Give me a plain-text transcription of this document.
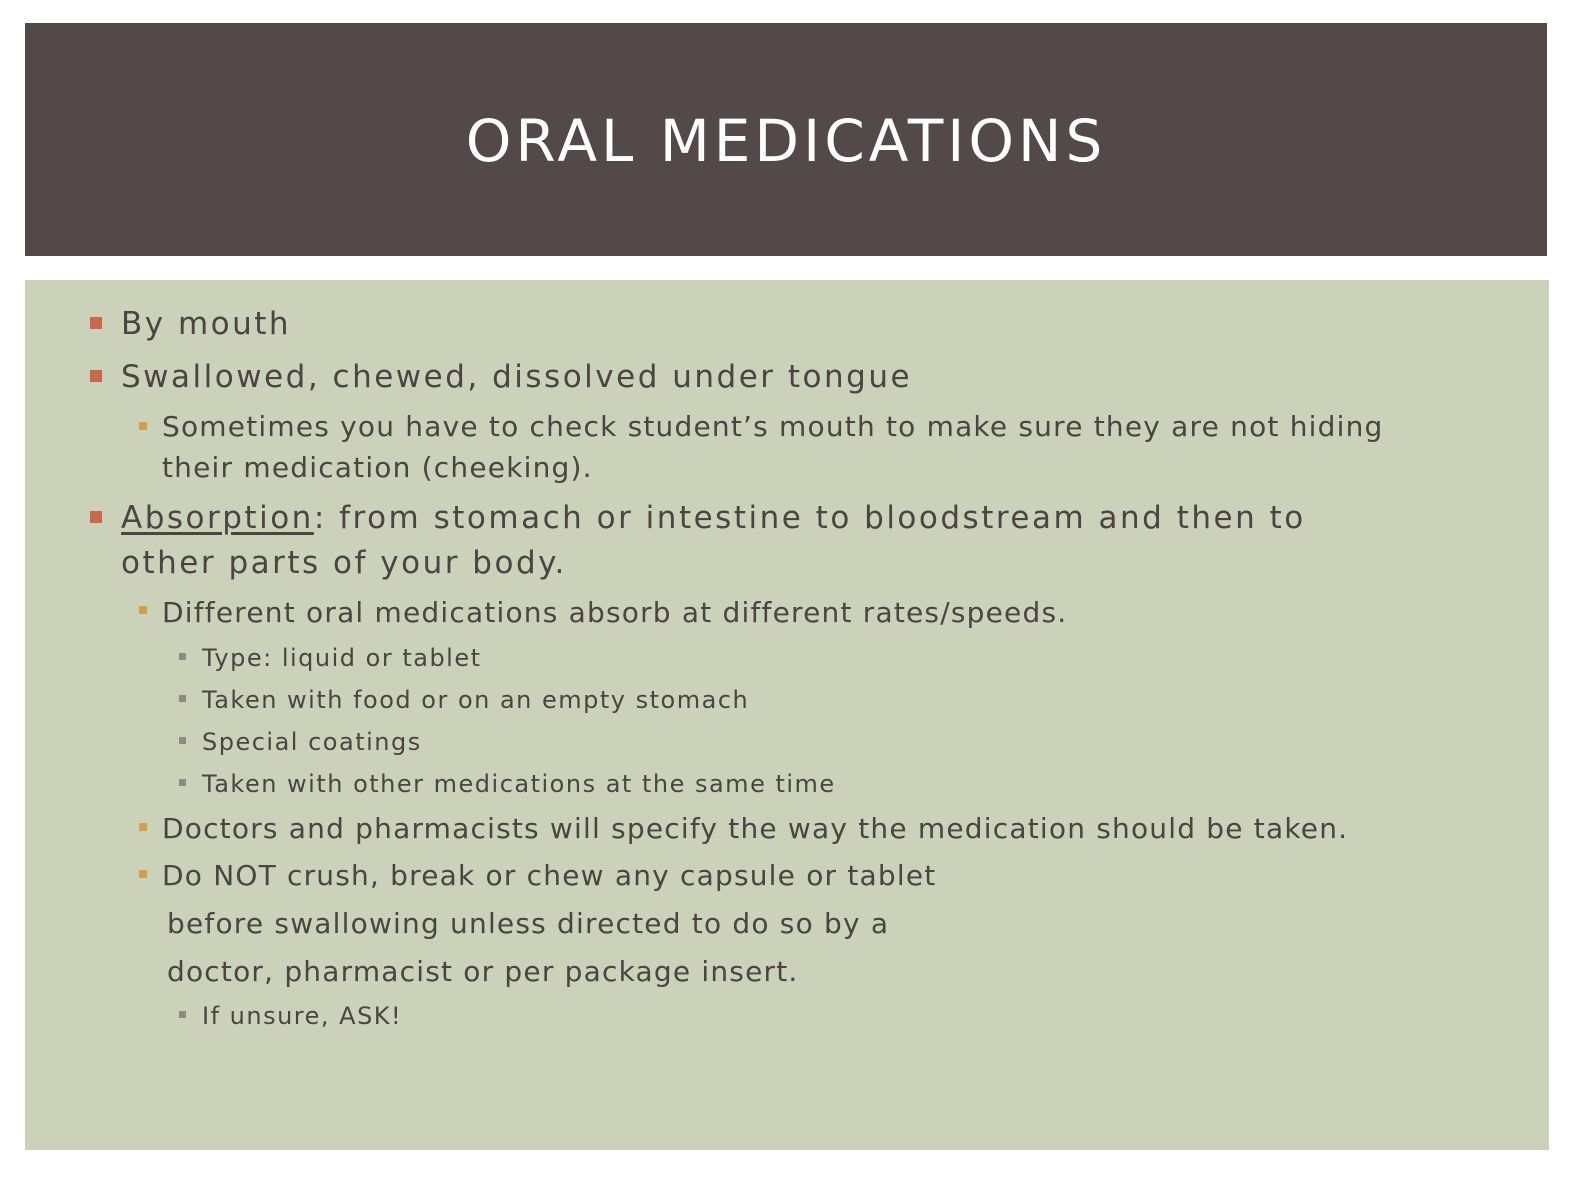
ORAL MEDICATIONS
By mouth
Swallowed, chewed, dissolved under tongue
Sometimes you have to check student’s mouth to make sure they are not hiding
their medication (cheeking).
Absorption: from stomach or intestine to bloodstream and then to
other parts of your body.
Different oral medications absorb at different rates/speeds.
Type: liquid or tablet
Taken with food or on an empty stomach
Special coatings
Taken with other medications at the same time
Doctors and pharmacists will specify the way the medication should be taken.
Do NOT crush, break or chew any capsule or tablet
before swallowing unless directed to do so by a
doctor, pharmacist or per package insert.
If unsure, ASK!
